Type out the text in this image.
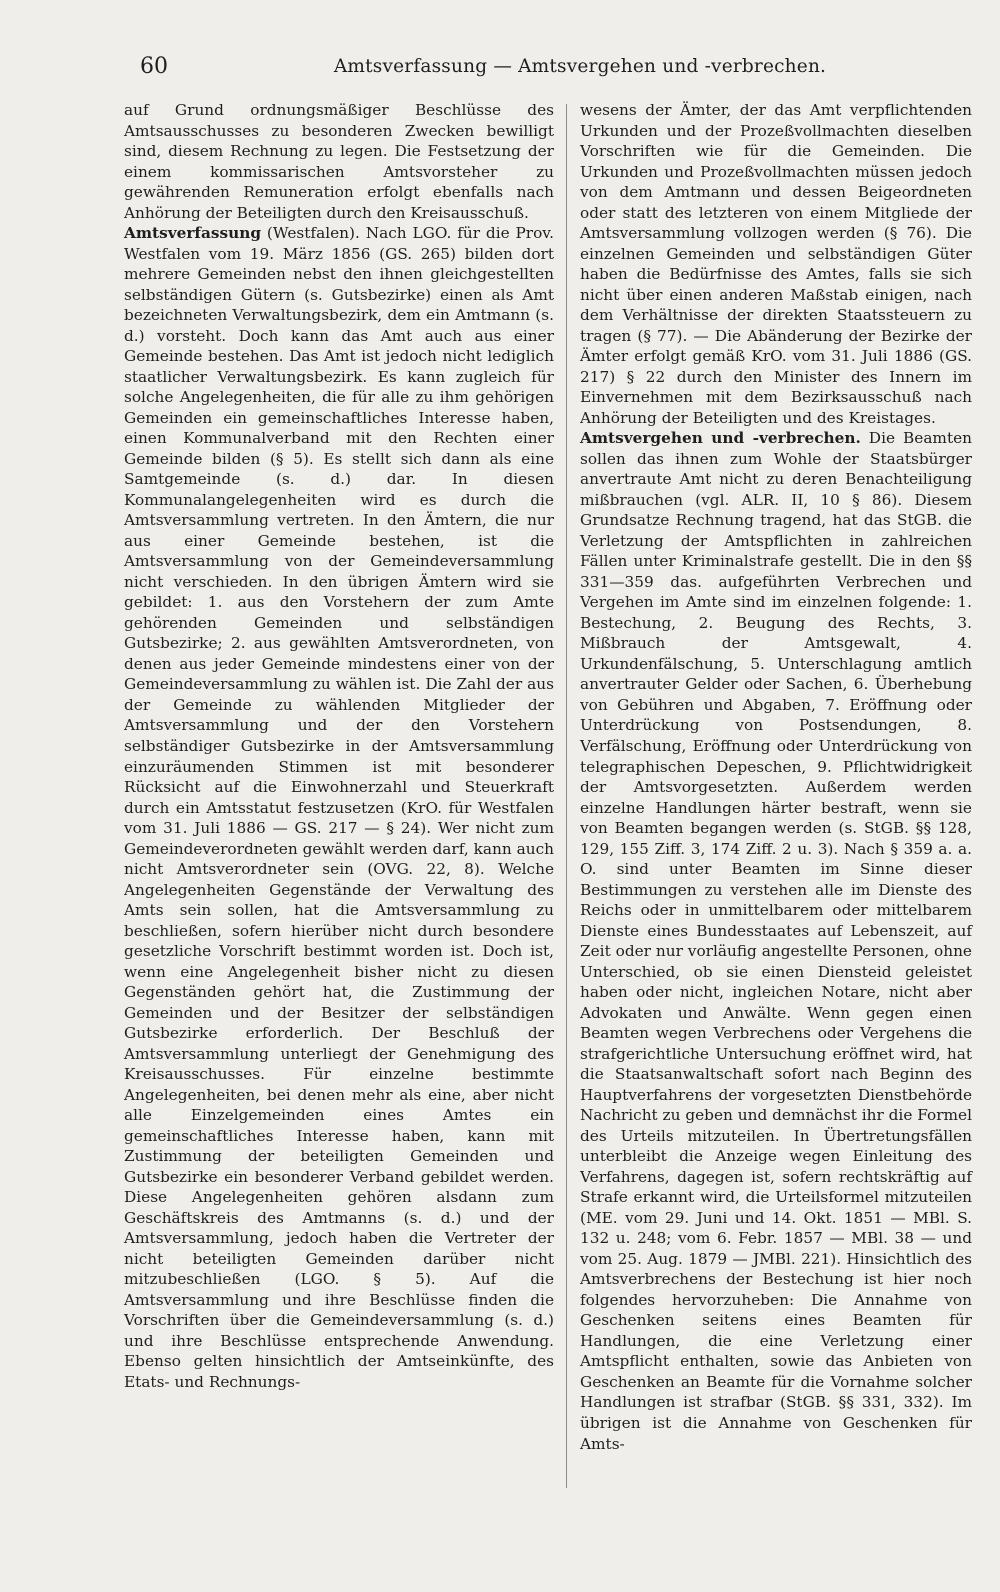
60	Amtsverfassung — Amtsvergehen und -verbrechen.

auf Grund ordnungsmäßiger Beschlüsse des Amtsausschusses zu besonderen Zwecken bewilligt sind, diesem Rechnung zu legen. Die Festsetzung der einem kommissarischen Amtsvorsteher zu gewährenden Remuneration erfolgt ebenfalls nach Anhörung der Beteiligten durch den Kreisausschuß.

Amtsverfassung (Westfalen). Nach LGO. für die Prov. Westfalen vom 19. März 1856 (GS. 265) bilden dort mehrere Gemeinden nebst den ihnen gleichgestellten selbständigen Gütern (s. Gutsbezirke) einen als Amt bezeichneten Verwaltungsbezirk, dem ein Amtmann (s. d.) vorsteht. Doch kann das Amt auch aus einer Gemeinde bestehen. Das Amt ist jedoch nicht lediglich staatlicher Verwaltungsbezirk. Es kann zugleich für solche Angelegenheiten, die für alle zu ihm gehörigen Gemeinden ein gemeinschaftliches Interesse haben, einen Kommunalverband mit den Rechten einer Gemeinde bilden (§ 5). Es stellt sich dann als eine Samtgemeinde (s. d.) dar. In diesen Kommunalangelegenheiten wird es durch die Amtsversammlung vertreten. In den Ämtern, die nur aus einer Gemeinde bestehen, ist die Amtsversammlung von der Gemeindeversammlung nicht verschieden. In den übrigen Ämtern wird sie gebildet: 1. aus den Vorstehern der zum Amte gehörenden Gemeinden und selbständigen Gutsbezirke; 2. aus gewählten Amtsverordneten, von denen aus jeder Gemeinde mindestens einer von der Gemeindeversammlung zu wählen ist. Die Zahl der aus der Gemeinde zu wählenden Mitglieder der Amtsversammlung und der den Vorstehern selbständiger Gutsbezirke in der Amtsversammlung einzuräumenden Stimmen ist mit besonderer Rücksicht auf die Einwohnerzahl und Steuerkraft durch ein Amtsstatut festzusetzen (KrO. für Westfalen vom 31. Juli 1886 — GS. 217 — § 24). Wer nicht zum Gemeindeverordneten gewählt werden darf, kann auch nicht Amtsverordneter sein (OVG. 22, 8). Welche Angelegenheiten Gegenstände der Verwaltung des Amts sein sollen, hat die Amtsversammlung zu beschließen, sofern hierüber nicht durch besondere gesetzliche Vorschrift bestimmt worden ist. Doch ist, wenn eine Angelegenheit bisher nicht zu diesen Gegenständen gehört hat, die Zustimmung der Gemeinden und der Besitzer der selbständigen Gutsbezirke erforderlich. Der Beschluß der Amtsversammlung unterliegt der Genehmigung des Kreisausschusses. Für einzelne bestimmte Angelegenheiten, bei denen mehr als eine, aber nicht alle Einzelgemeinden eines Amtes ein gemeinschaftliches Interesse haben, kann mit Zustimmung der beteiligten Gemeinden und Gutsbezirke ein besonderer Verband gebildet werden. Diese Angelegenheiten gehören alsdann zum Geschäftskreis des Amtmanns (s. d.) und der Amtsversammlung, jedoch haben die Vertreter der nicht beteiligten Gemeinden darüber nicht mitzubeschließen (LGO. § 5). Auf die Amtsversammlung und ihre Beschlüsse finden die Vorschriften über die Gemeindeversammlung (s. d.) und ihre Beschlüsse entsprechende Anwendung. Ebenso gelten hinsichtlich der Amtseinkünfte, des Etats- und Rechnungs-

wesens der Ämter, der das Amt verpflichtenden Urkunden und der Prozeßvollmachten dieselben Vorschriften wie für die Gemeinden. Die Urkunden und Prozeßvollmachten müssen jedoch von dem Amtmann und dessen Beigeordneten oder statt des letzteren von einem Mitgliede der Amtsversammlung vollzogen werden (§ 76). Die einzelnen Gemeinden und selbständigen Güter haben die Bedürfnisse des Amtes, falls sie sich nicht über einen anderen Maßstab einigen, nach dem Verhältnisse der direkten Staatssteuern zu tragen (§ 77). — Die Abänderung der Bezirke der Ämter erfolgt gemäß KrO. vom 31. Juli 1886 (GS. 217) § 22 durch den Minister des Innern im Einvernehmen mit dem Bezirksausschuß nach Anhörung der Beteiligten und des Kreistages.

Amtsvergehen und -verbrechen. Die Beamten sollen das ihnen zum Wohle der Staatsbürger anvertraute Amt nicht zu deren Benachteiligung mißbrauchen (vgl. ALR. II, 10 § 86). Diesem Grundsatze Rechnung tragend, hat das StGB. die Verletzung der Amtspflichten in zahlreichen Fällen unter Kriminalstrafe gestellt. Die in den §§ 331—359 das. aufgeführten Verbrechen und Vergehen im Amte sind im einzelnen folgende: 1. Bestechung, 2. Beugung des Rechts, 3. Mißbrauch der Amtsgewalt, 4. Urkundenfälschung, 5. Unterschlagung amtlich anvertrauter Gelder oder Sachen, 6. Überhebung von Gebühren und Abgaben, 7. Eröffnung oder Unterdrückung von Postsendungen, 8. Verfälschung, Eröffnung oder Unterdrückung von telegraphischen Depeschen, 9. Pflichtwidrigkeit der Amtsvorgesetzten. Außerdem werden einzelne Handlungen härter bestraft, wenn sie von Beamten begangen werden (s. StGB. §§ 128, 129, 155 Ziff. 3, 174 Ziff. 2 u. 3). Nach § 359 a. a. O. sind unter Beamten im Sinne dieser Bestimmungen zu verstehen alle im Dienste des Reichs oder in unmittelbarem oder mittelbarem Dienste eines Bundesstaates auf Lebenszeit, auf Zeit oder nur vorläufig angestellte Personen, ohne Unterschied, ob sie einen Diensteid geleistet haben oder nicht, ingleichen Notare, nicht aber Advokaten und Anwälte. Wenn gegen einen Beamten wegen Verbrechens oder Vergehens die strafgerichtliche Untersuchung eröffnet wird, hat die Staatsanwaltschaft sofort nach Beginn des Hauptverfahrens der vorgesetzten Dienstbehörde Nachricht zu geben und demnächst ihr die Formel des Urteils mitzuteilen. In Übertretungsfällen unterbleibt die Anzeige wegen Einleitung des Verfahrens, dagegen ist, sofern rechtskräftig auf Strafe erkannt wird, die Urteilsformel mitzuteilen (ME. vom 29. Juni und 14. Okt. 1851 — MBl. S. 132 u. 248; vom 6. Febr. 1857 — MBl. 38 — und vom 25. Aug. 1879 — JMBl. 221). Hinsichtlich des Amtsverbrechens der Bestechung ist hier noch folgendes hervorzuheben: Die Annahme von Geschenken seitens eines Beamten für Handlungen, die eine Verletzung einer Amtspflicht enthalten, sowie das Anbieten von Geschenken an Beamte für die Vornahme solcher Handlungen ist strafbar (StGB. §§ 331, 332). Im übrigen ist die Annahme von Geschenken für Amts-
